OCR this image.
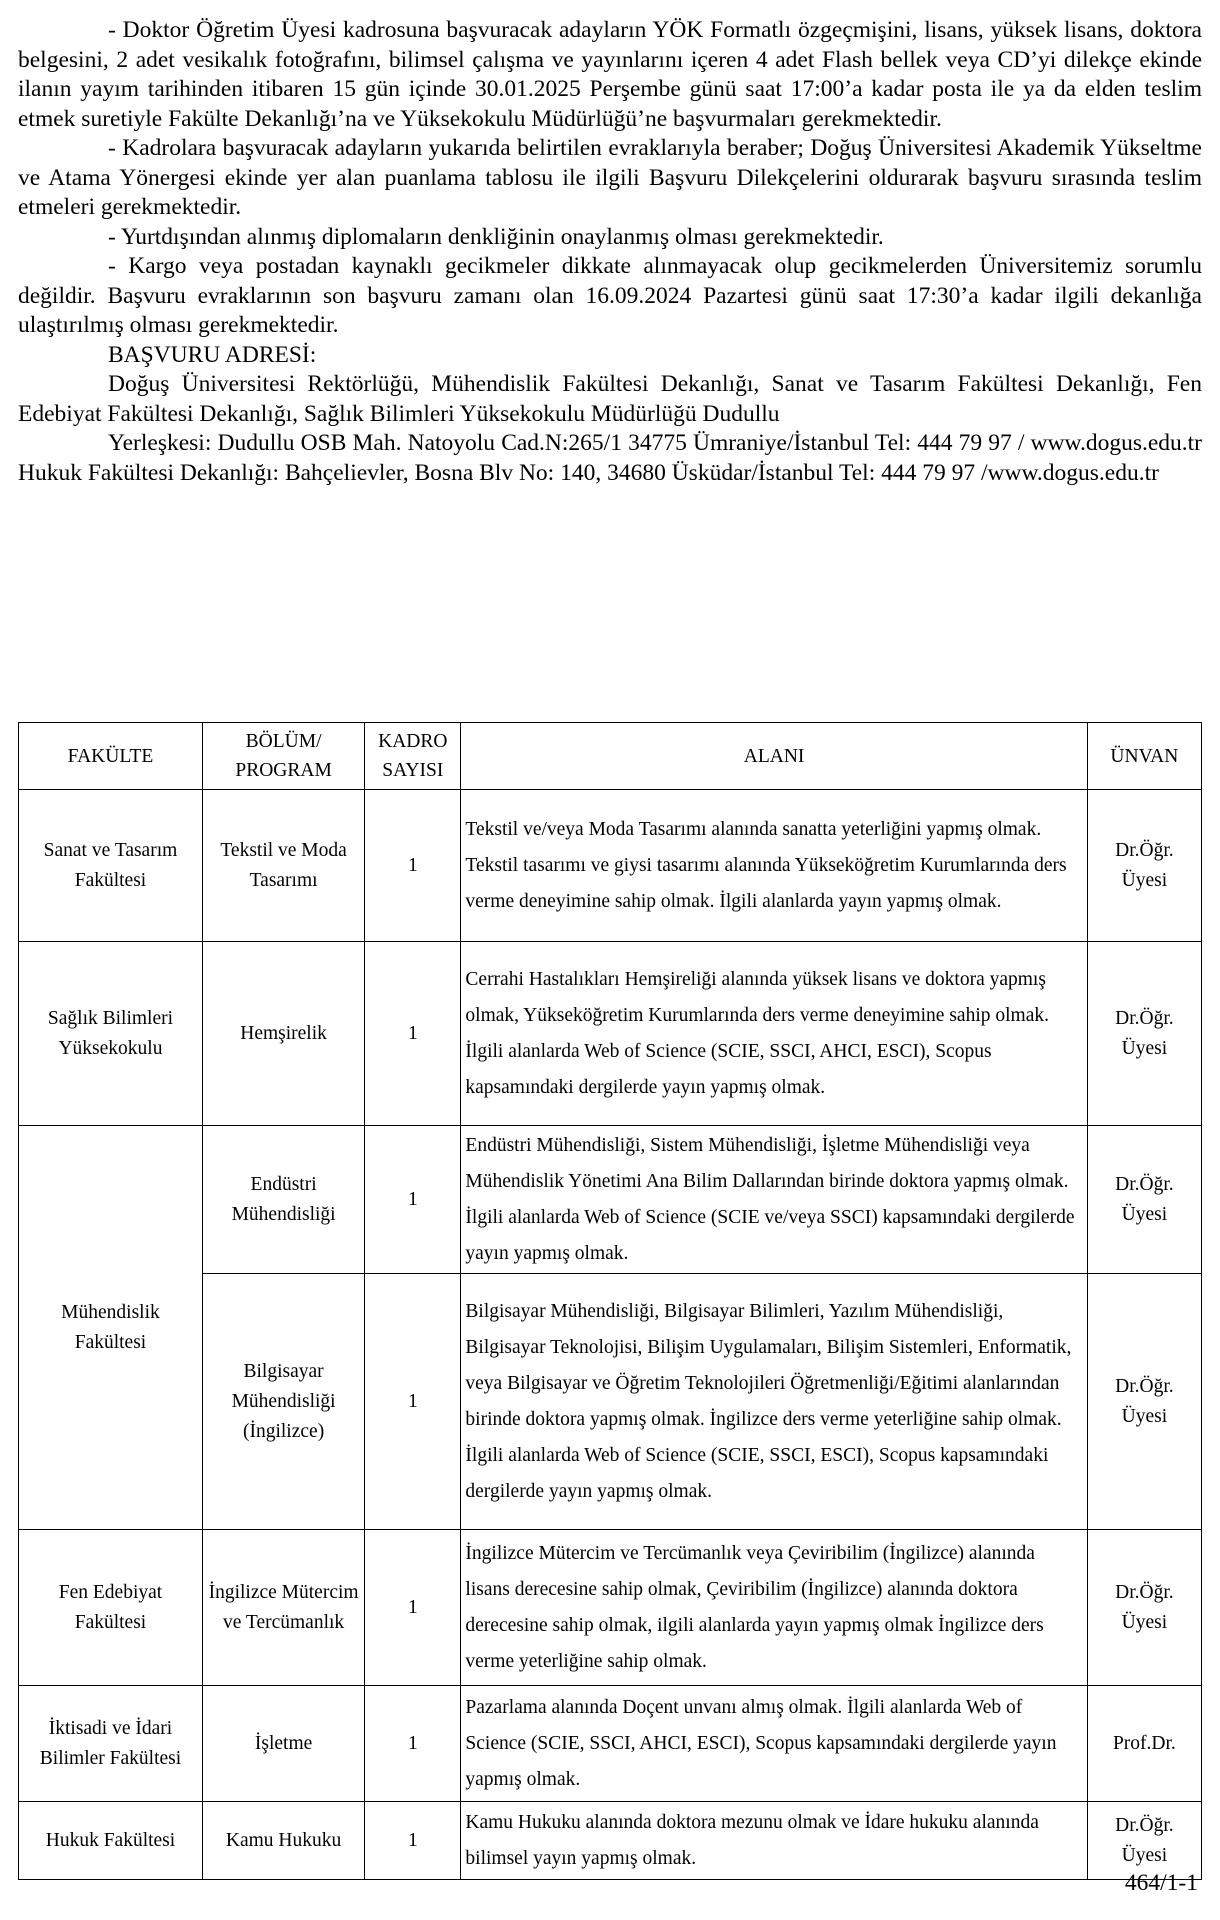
- Doktor Öğretim Üyesi kadrosuna başvuracak adayların YÖK Formatlı özgeçmişini, lisans, yüksek lisans, doktora belgesini, 2 adet vesikalık fotoğrafını, bilimsel çalışma ve yayınlarını içeren 4 adet Flash bellek veya CD’yi dilekçe ekinde ilanın yayım tarihinden itibaren 15 gün içinde 30.01.2025 Perşembe günü saat 17:00’a kadar posta ile ya da elden teslim etmek suretiyle Fakülte Dekanlığı’na ve Yüksekokulu Müdürlüğü’ne başvurmaları gerekmektedir.

- Kadrolara başvuracak adayların yukarıda belirtilen evraklarıyla beraber; Doğuş Üniversitesi Akademik Yükseltme ve Atama Yönergesi ekinde yer alan puanlama tablosu ile ilgili Başvuru Dilekçelerini oldurarak başvuru sırasında teslim etmeleri gerekmektedir.

- Yurtdışından alınmış diplomaların denkliğinin onaylanmış olması gerekmektedir.

- Kargo veya postadan kaynaklı gecikmeler dikkate alınmayacak olup gecikmelerden Üniversitemiz sorumlu değildir. Başvuru evraklarının son başvuru zamanı olan 16.09.2024 Pazartesi günü saat 17:30’a kadar ilgili dekanlığa ulaştırılmış olması gerekmektedir.

BAŞVURU ADRESİ:

Doğuş Üniversitesi Rektörlüğü, Mühendislik Fakültesi Dekanlığı, Sanat ve Tasarım Fakültesi Dekanlığı, Fen Edebiyat Fakültesi Dekanlığı, Sağlık Bilimleri Yüksekokulu Müdürlüğü Dudullu

Yerleşkesi: Dudullu OSB Mah. Natoyolu Cad.N:265/1 34775 Ümraniye/İstanbul Tel: 444 79 97 / www.dogus.edu.tr Hukuk Fakültesi Dekanlığı: Bahçelievler, Bosna Blv No: 140, 34680 Üsküdar/İstanbul Tel: 444 79 97 /www.dogus.edu.tr

FAKÜLTE	BÖLÜM/ PROGRAM	KADRO SAYISI	ALANI	ÜNVAN
Sanat ve Tasarım Fakültesi	Tekstil ve Moda Tasarımı	1	Tekstil ve/veya Moda Tasarımı alanında sanatta yeterliğini yapmış olmak. Tekstil tasarımı ve giysi tasarımı alanında Yükseköğretim Kurumlarında ders verme deneyimine sahip olmak. İlgili alanlarda yayın yapmış olmak.	Dr.Öğr. Üyesi
Sağlık Bilimleri Yüksekokulu	Hemşirelik	1	Cerrahi Hastalıkları Hemşireliği alanında yüksek lisans ve doktora yapmış olmak, Yükseköğretim Kurumlarında ders verme deneyimine sahip olmak. İlgili alanlarda Web of Science (SCIE, SSCI, AHCI, ESCI), Scopus kapsamındaki dergilerde yayın yapmış olmak.	Dr.Öğr. Üyesi
Mühendislik Fakültesi	Endüstri Mühendisliği	1	Endüstri Mühendisliği, Sistem Mühendisliği, İşletme Mühendisliği veya Mühendislik Yönetimi Ana Bilim Dallarından birinde doktora yapmış olmak. İlgili alanlarda Web of Science (SCIE ve/veya SSCI) kapsamındaki dergilerde yayın yapmış olmak.	Dr.Öğr. Üyesi
	Bilgisayar Mühendisliği (İngilizce)	1	Bilgisayar Mühendisliği, Bilgisayar Bilimleri, Yazılım Mühendisliği, Bilgisayar Teknolojisi, Bilişim Uygulamaları, Bilişim Sistemleri, Enformatik, veya Bilgisayar ve Öğretim Teknolojileri Öğretmenliği/Eğitimi alanlarından birinde doktora yapmış olmak. İngilizce ders verme yeterliğine sahip olmak. İlgili alanlarda Web of Science (SCIE, SSCI, ESCI), Scopus kapsamındaki dergilerde yayın yapmış olmak.	Dr.Öğr. Üyesi
Fen Edebiyat Fakültesi	İngilizce Mütercim ve Tercümanlık	1	İngilizce Mütercim ve Tercümanlık veya Çeviribilim (İngilizce) alanında lisans derecesine sahip olmak, Çeviribilim (İngilizce) alanında doktora derecesine sahip olmak, ilgili alanlarda yayın yapmış olmak İngilizce ders verme yeterliğine sahip olmak.	Dr.Öğr. Üyesi
İktisadi ve İdari Bilimler Fakültesi	İşletme	1	Pazarlama alanında Doçent unvanı almış olmak. İlgili alanlarda Web of Science (SCIE, SSCI, AHCI, ESCI), Scopus kapsamındaki dergilerde yayın yapmış olmak.	Prof.Dr.
Hukuk Fakültesi	Kamu Hukuku	1	Kamu Hukuku alanında doktora mezunu olmak ve İdare hukuku alanında bilimsel yayın yapmış olmak.	Dr.Öğr. Üyesi
464/1-1
